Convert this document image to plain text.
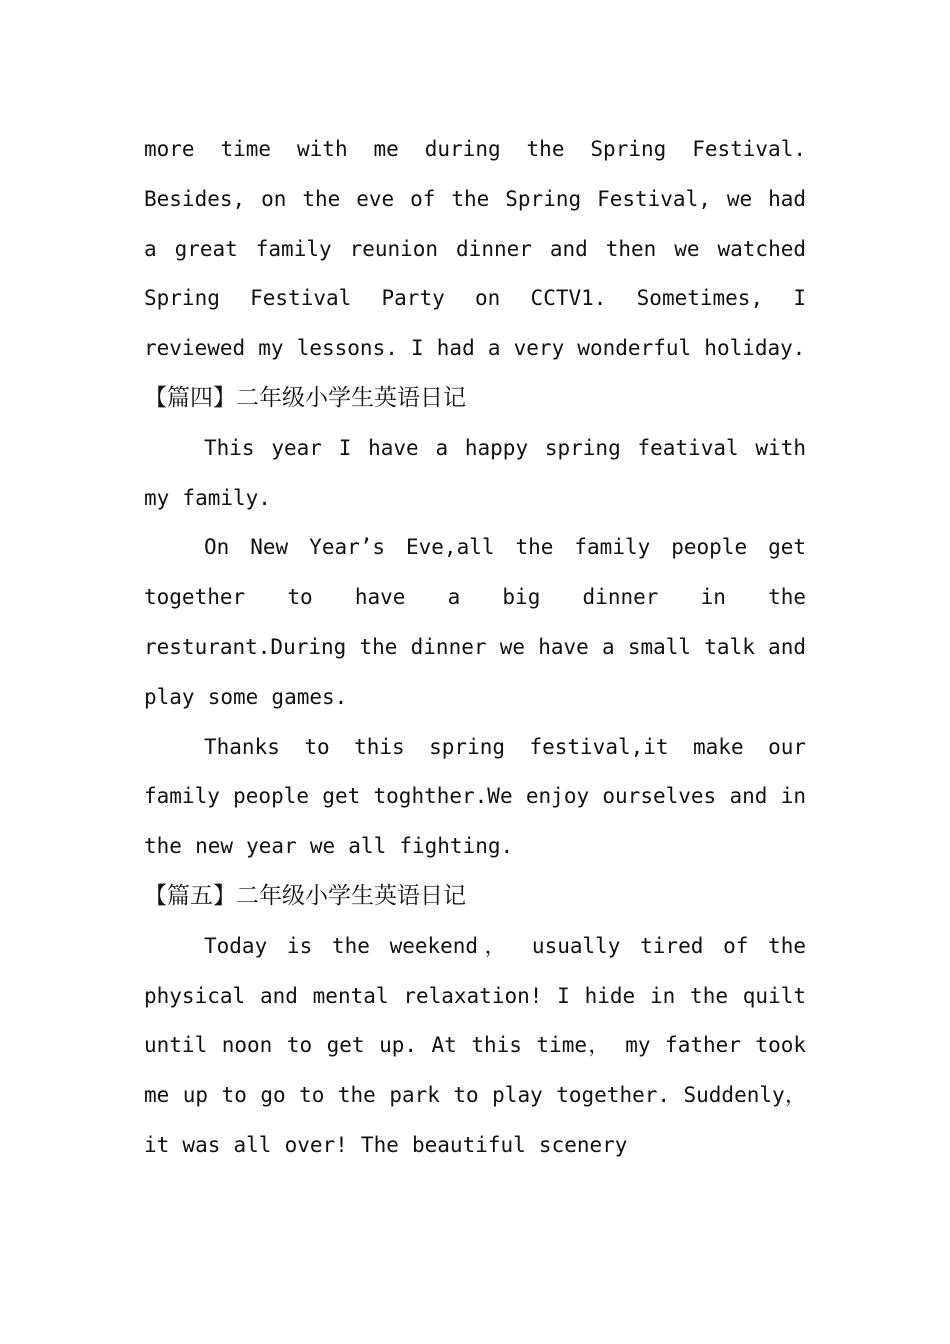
more time with me during the Spring Festival. Besides, on the eve of the Spring Festival, we had a great family reunion dinner and then we watched Spring Festival Party on CCTV1. Sometimes, I reviewed my lessons. I had a very wonderful holiday.

【篇四】二年级小学生英语日记

This year I have a happy spring featival with my family.

On New Year’s Eve,all the family people get together to have a big dinner in the resturant.During the dinner we have a small talk and play some games.

Thanks to this spring festival,it make our family people get toghther.We enjoy ourselves and in the new year we all fighting.

【篇五】二年级小学生英语日记

Today is the weekend， usually tired of the physical and mental relaxation! I hide in the quilt until noon to get up. At this time， my father took me up to go to the park to play together. Suddenly， it was all over! The beautiful scenery
